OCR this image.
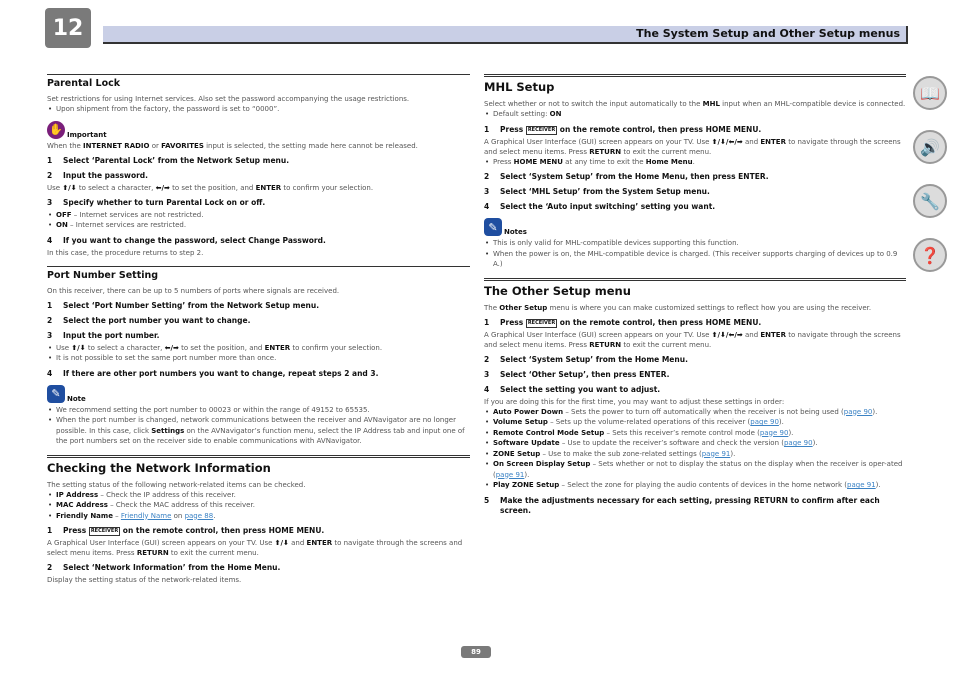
12	The System Setup and Other Setup menus
📖
🔊
🔧
❓
Parental Lock

Set restrictions for using Internet services. Also set the password accompanying the usage restrictions.

• Upon shipment from the factory, the password is set to “0000”.
✋ Important

When the INTERNET RADIO or FAVORITES input is selected, the setting made here cannot be released.

1	Select ‘Parental Lock’ from the Network Setup menu.
2	Input the password.

Use ⬆/⬇ to select a character, ⬅/➡ to set the position, and ENTER to confirm your selection.

3	Specify whether to turn Parental Lock on or off.
• OFF – Internet services are not restricted.
• ON – Internet services are restricted.
4	If you want to change the password, select Change Password.

In this case, the procedure returns to step 2.

Port Number Setting

On this receiver, there can be up to 5 numbers of ports where signals are received.

1	Select ‘Port Number Setting’ from the Network Setup menu.
2	Select the port number you want to change.
3	Input the port number.
• Use ⬆/⬇ to select a character, ⬅/➡ to set the position, and ENTER to confirm your selection.
• It is not possible to set the same port number more than once.
4	If there are other port numbers you want to change, repeat steps 2 and 3.
✎ Note
• We recommend setting the port number to 00023 or within the range of 49152 to 65535.
• When the port number is changed, network communications between the receiver and AVNavigator are no longer possible. In this case, click Settings on the AVNavigator’s function menu, select the IP Address tab and input one of the port numbers set on the receiver side to enable communications with AVNavigator.
Checking the Network Information

The setting status of the following network-related items can be checked.

• IP Address – Check the IP address of this receiver.
• MAC Address – Check the MAC address of this receiver.
• Friendly Name – Friendly Name on page 88.
1	Press RECEIVER on the remote control, then press HOME MENU.

A Graphical User Interface (GUI) screen appears on your TV. Use ⬆/⬇ and ENTER to navigate through the screens and select menu items. Press RETURN to exit the current menu.

2	Select ‘Network Information’ from the Home Menu.

Display the setting status of the network-related items.

MHL Setup

Select whether or not to switch the input automatically to the MHL input when an MHL-compatible device is connected.

• Default setting: ON
1	Press RECEIVER on the remote control, then press HOME MENU.

A Graphical User Interface (GUI) screen appears on your TV. Use ⬆/⬇/⬅/➡ and ENTER to navigate through the screens and select menu items. Press RETURN to exit the current menu.

• Press HOME MENU at any time to exit the Home Menu.
2	Select ‘System Setup’ from the Home Menu, then press ENTER.
3	Select ‘MHL Setup’ from the System Setup menu.
4	Select the ‘Auto input switching’ setting you want.
✎ Notes
• This is only valid for MHL-compatible devices supporting this function.
• When the power is on, the MHL-compatible device is charged. (This receiver supports charging of devices up to 0.9 A.)
The Other Setup menu

The Other Setup menu is where you can make customized settings to reflect how you are using the receiver.

1	Press RECEIVER on the remote control, then press HOME MENU.

A Graphical User Interface (GUI) screen appears on your TV. Use ⬆/⬇/⬅/➡ and ENTER to navigate through the screens and select menu items. Press RETURN to exit the current menu.

2	Select ‘System Setup’ from the Home Menu.
3	Select ‘Other Setup’, then press ENTER.
4	Select the setting you want to adjust.

If you are doing this for the first time, you may want to adjust these settings in order:

• Auto Power Down – Sets the power to turn off automatically when the receiver is not being used (page 90).
• Volume Setup – Sets up the volume-related operations of this receiver (page 90).
• Remote Control Mode Setup – Sets this receiver’s remote control mode (page 90).
• Software Update – Use to update the receiver’s software and check the version (page 90).
• ZONE Setup – Use to make the sub zone-related settings (page 91).
• On Screen Display Setup – Sets whether or not to display the status on the display when the receiver is oper-ated (page 91).
• Play ZONE Setup – Select the zone for playing the audio contents of devices in the home network (page 91).
5	Make the adjustments necessary for each setting, pressing RETURN to confirm after each screen.
89
